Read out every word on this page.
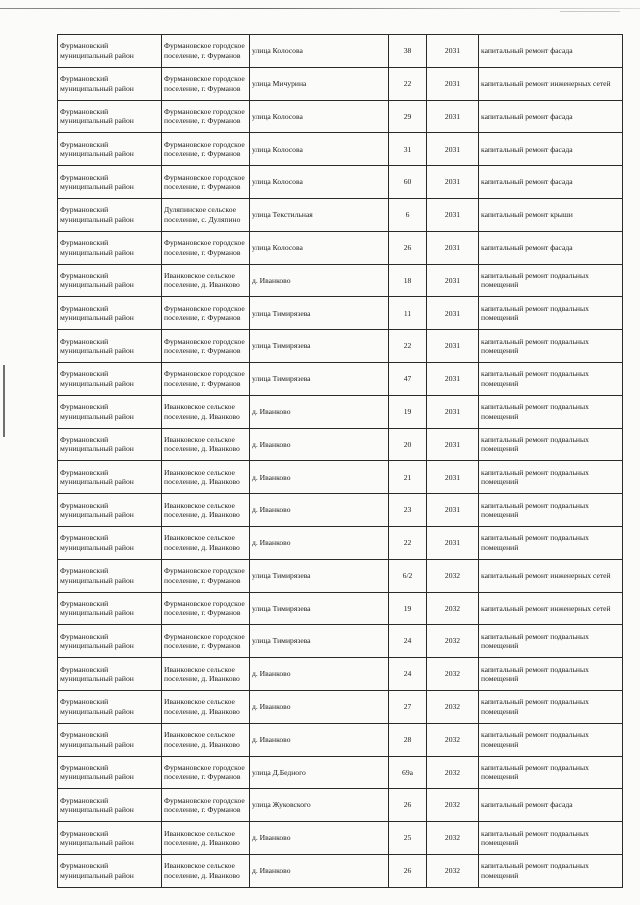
Фурмановский муниципальный район	Фурмановское городское поселение, г. Фурманов	улица Колосова	38	2031	капитальный ремонт фасада
Фурмановский муниципальный район	Фурмановское городское поселение, г. Фурманов	улица Мичурина	22	2031	капитальный ремонт инженерных сетей
Фурмановский муниципальный район	Фурмановское городское поселение, г. Фурманов	улица Колосова	29	2031	капитальный ремонт фасада
Фурмановский муниципальный район	Фурмановское городское поселение, г. Фурманов	улица Колосова	31	2031	капитальный ремонт фасада
Фурмановский муниципальный район	Фурмановское городское поселение, г. Фурманов	улица Колосова	60	2031	капитальный ремонт фасада
Фурмановский муниципальный район	Дуляпинское сельское поселение, с. Дуляпино	улица Текстильная	6	2031	капитальный ремонт крыши
Фурмановский муниципальный район	Фурмановское городское поселение, г. Фурманов	улица Колосова	26	2031	капитальный ремонт фасада
Фурмановский муниципальный район	Иванковское сельское поселение, д. Иванково	д. Иванково	18	2031	капитальный ремонт подвальных помещений
Фурмановский муниципальный район	Фурмановское городское поселение, г. Фурманов	улица Тимирязева	11	2031	капитальный ремонт подвальных помещений
Фурмановский муниципальный район	Фурмановское городское поселение, г. Фурманов	улица Тимирязева	22	2031	капитальный ремонт подвальных помещений
Фурмановский муниципальный район	Фурмановское городское поселение, г. Фурманов	улица Тимирязева	47	2031	капитальный ремонт подвальных помещений
Фурмановский муниципальный район	Иванковское сельское поселение, д. Иванково	д. Иванково	19	2031	капитальный ремонт подвальных помещений
Фурмановский муниципальный район	Иванковское сельское поселение, д. Иванково	д. Иванково	20	2031	капитальный ремонт подвальных помещений
Фурмановский муниципальный район	Иванковское сельское поселение, д. Иванково	д. Иванково	21	2031	капитальный ремонт подвальных помещений
Фурмановский муниципальный район	Иванковское сельское поселение, д. Иванково	д. Иванково	23	2031	капитальный ремонт подвальных помещений
Фурмановский муниципальный район	Иванковское сельское поселение, д. Иванково	д. Иванково	22	2031	капитальный ремонт подвальных помещений
Фурмановский муниципальный район	Фурмановское городское поселение, г. Фурманов	улица Тимирязева	6/2	2032	капитальный ремонт инженерных сетей
Фурмановский муниципальный район	Фурмановское городское поселение, г. Фурманов	улица Тимирязева	19	2032	капитальный ремонт инженерных сетей
Фурмановский муниципальный район	Фурмановское городское поселение, г. Фурманов	улица Тимирязева	24	2032	капитальный ремонт подвальных помещений
Фурмановский муниципальный район	Иванковское сельское поселение, д. Иванково	д. Иванково	24	2032	капитальный ремонт подвальных помещений
Фурмановский муниципальный район	Иванковское сельское поселение, д. Иванково	д. Иванково	27	2032	капитальный ремонт подвальных помещений
Фурмановский муниципальный район	Иванковское сельское поселение, д. Иванково	д. Иванково	28	2032	капитальный ремонт подвальных помещений
Фурмановский муниципальный район	Фурмановское городское поселение, г. Фурманов	улица Д.Бедного	69а	2032	капитальный ремонт подвальных помещений
Фурмановский муниципальный район	Фурмановское городское поселение, г. Фурманов	улица Жуковского	26	2032	капитальный ремонт фасада
Фурмановский муниципальный район	Иванковское сельское поселение, д. Иванково	д. Иванково	25	2032	капитальный ремонт подвальных помещений
Фурмановский муниципальный район	Иванковское сельское поселение, д. Иванково	д. Иванково	26	2032	капитальный ремонт подвальных помещений
